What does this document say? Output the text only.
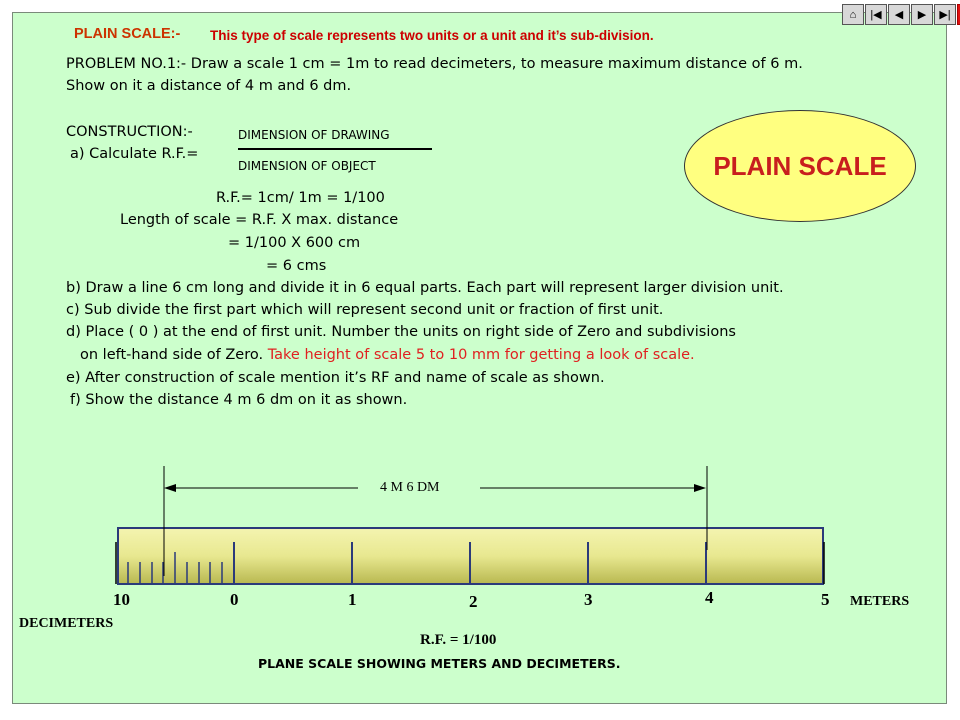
⌂	|◀	◀	▶	▶|
PLAIN SCALE:- This type of scale represents two units or a unit and it’s sub-division.
PROBLEM NO.1:- Draw a scale 1 cm = 1m to read decimeters, to measure maximum distance of 6 m.
Show on it a distance of 4 m and 6 dm.
CONSTRUCTION:-
a) Calculate R.F.=
DIMENSION OF DRAWING
DIMENSION OF OBJECT
R.F.= 1cm/ 1m = 1/100
Length of scale = R.F. X max. distance
= 1/100 X 600 cm
= 6 cms
b) Draw a line 6 cm long and divide it in 6 equal parts. Each part will represent larger division unit.
c) Sub divide the first part which will represent second unit or fraction of first unit.
d) Place ( 0 ) at the end of first unit. Number the units on right side of Zero and subdivisions
on left-hand side of Zero. Take height of scale 5 to 10 mm for getting a look of scale.
e) After construction of scale mention it’s RF and name of scale as shown.
f) Show the distance 4 m 6 dm on it as shown.
PLAIN SCALE
4 M 6 DM
10	0	1	2	3	4	5 METERS
DECIMETERS
R.F. = 1/100
PLANE SCALE SHOWING METERS AND DECIMETERS.
